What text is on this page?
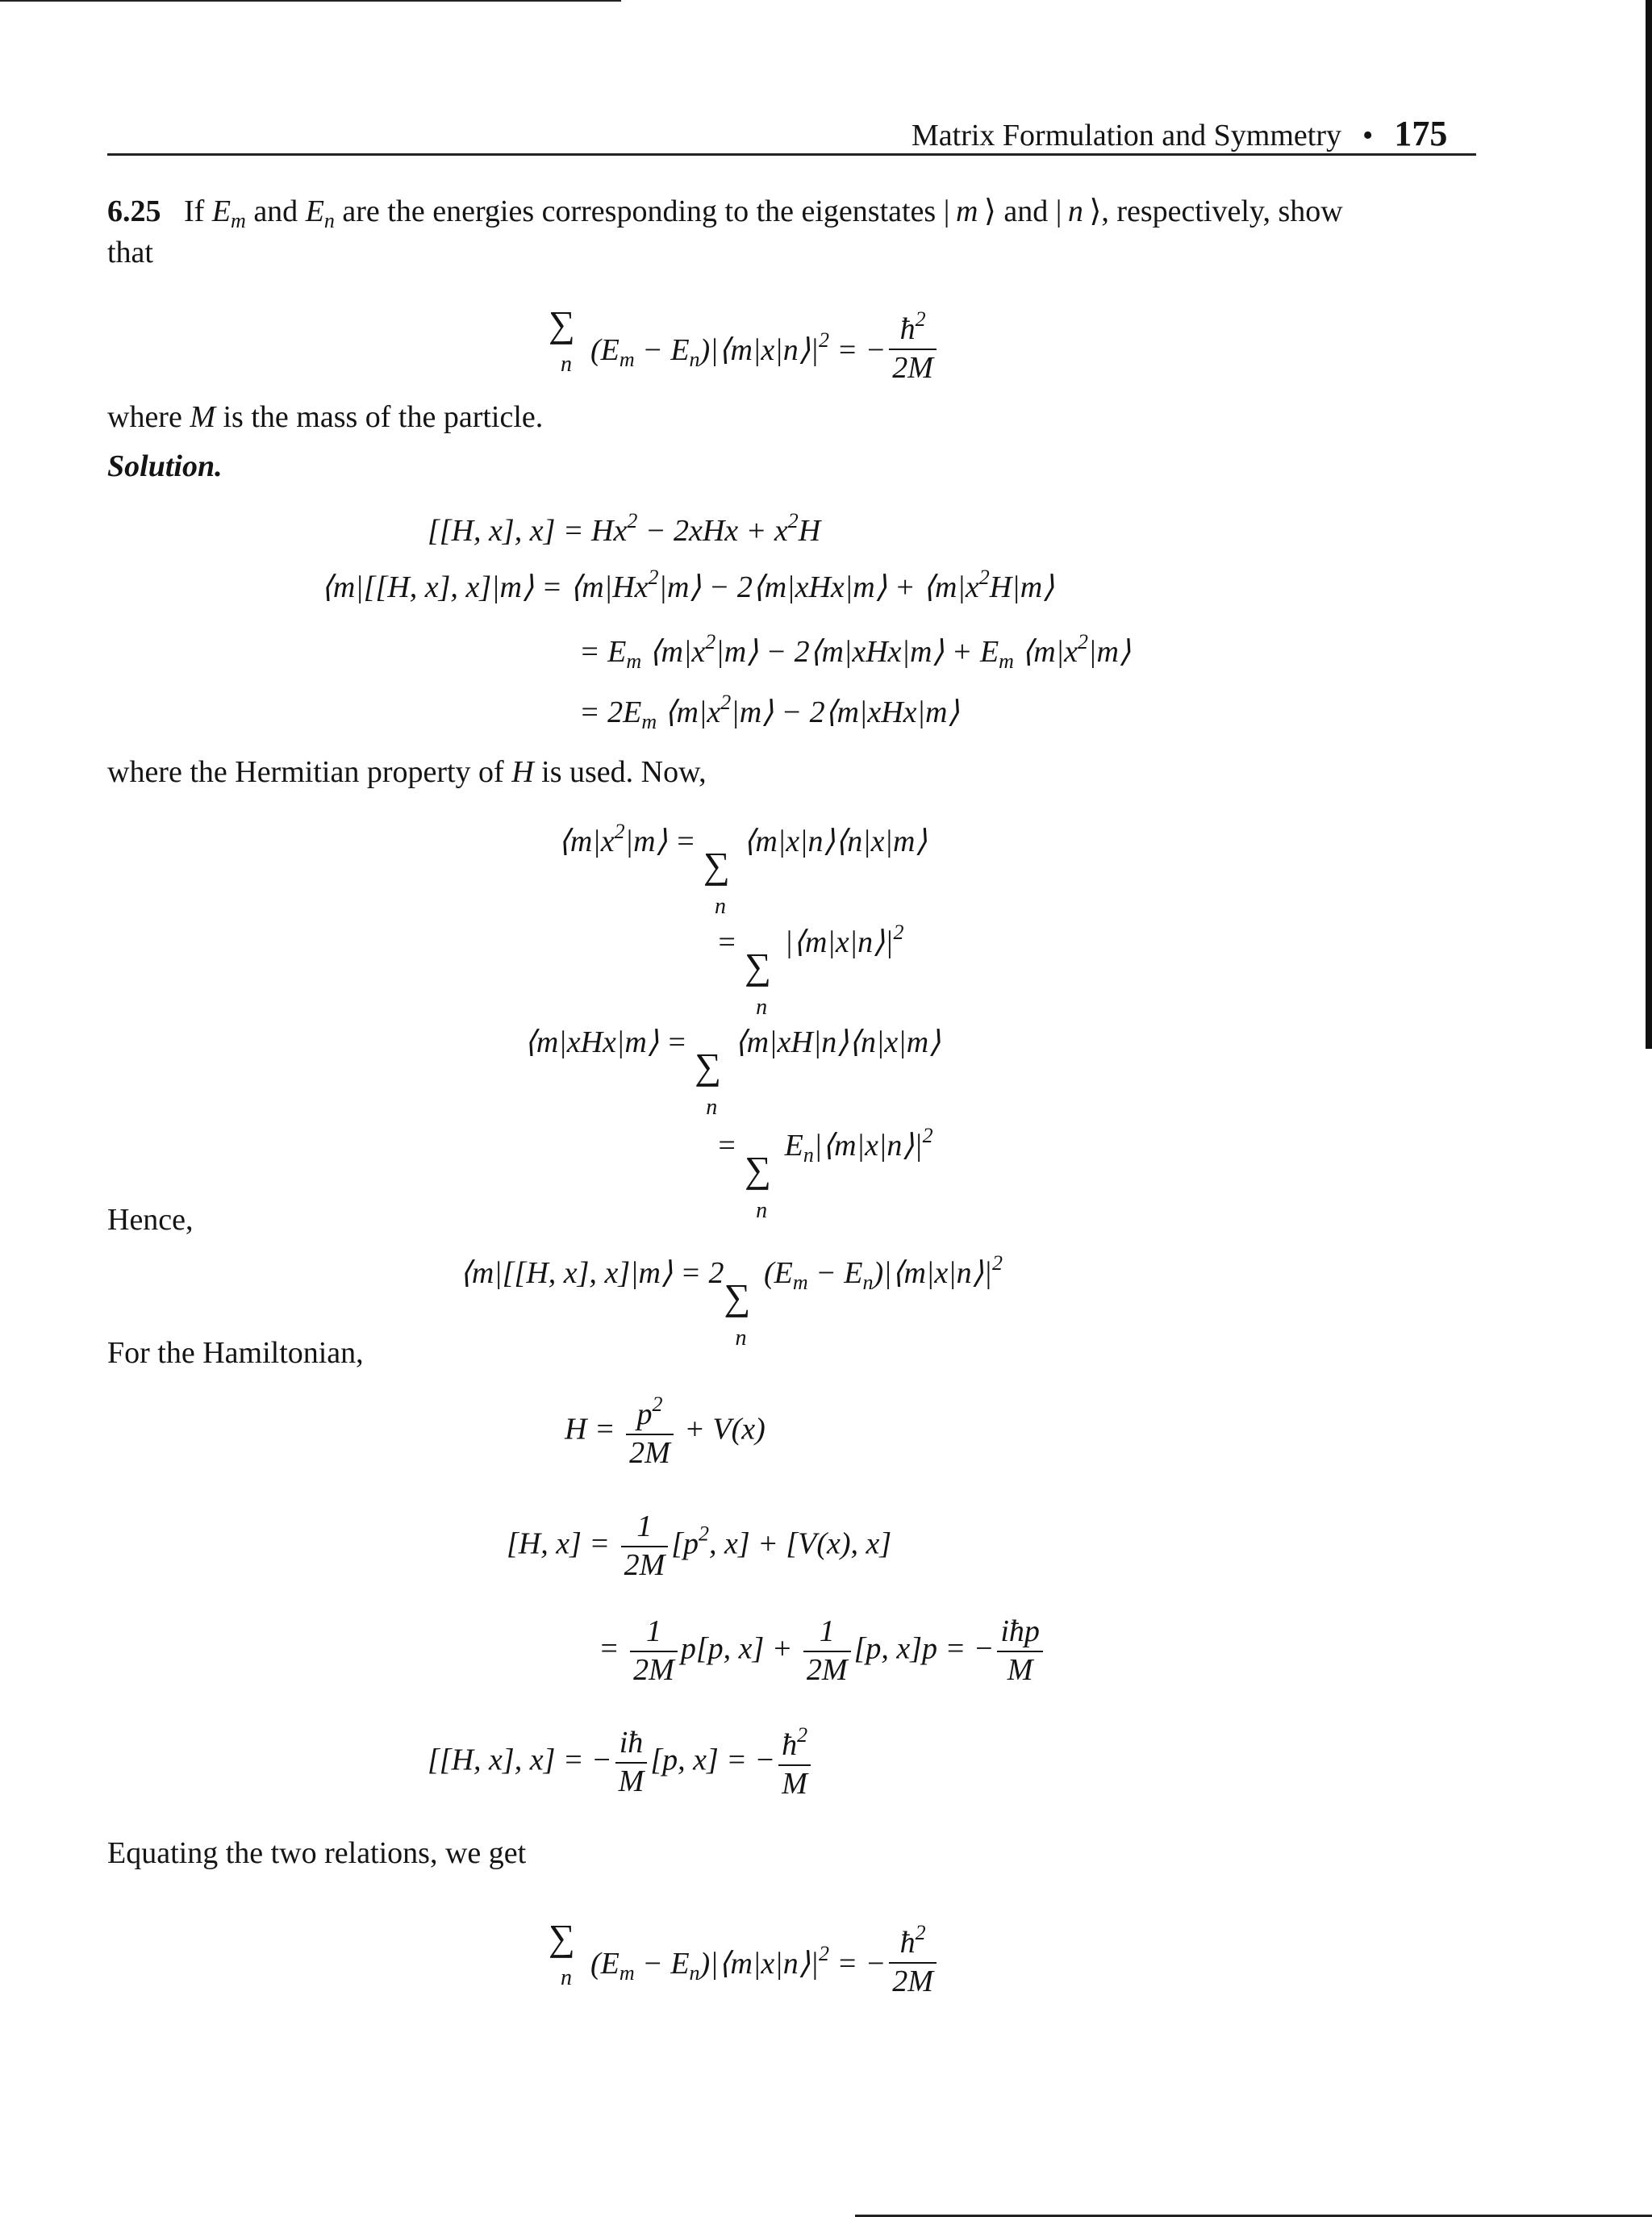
Matrix Formulation and Symmetry • 175
6.25   If $E_m$ and $E_n$ are the energies corresponding to the eigenstates | m ⟩ and | n ⟩, respectively, show
that
∑
n ($E_m$ − $E_n)|⟨m|x|n⟩|^2$ = − $\frac{ħ^2}{2M}$
where M is the mass of the particle.
Solution.
[[H, x], $x] = Hx^2 - 2xHx + x^2H$
⟨m|[[H, x], x]|m⟩ = $⟨m|Hx^2|m⟩$ − 2⟨m|xHx|m⟩ + $⟨m|x^2H|m⟩$
= $E_m$ $⟨m|x^2|m⟩$ − 2⟨m|xHx|m⟩ + $E_m$ $⟨m|x^2|m⟩$
= $2E_m$ $⟨m|x^2|m⟩$ − 2⟨m|xHx|m⟩
where the Hermitian property of H is used. Now,
$⟨m|x^2|m⟩$ =
∑
n
⟨m|x|n⟩⟨n|x|m⟩
=
∑
n
$|⟨m|x|n⟩|^2$
⟨m|xHx|m⟩ =
∑
n
⟨m|xH|n⟩⟨n|x|m⟩
=
∑
n
$E_n|⟨m|x|n⟩|^2$
Hence,
⟨m|[[H, x], x]|m⟩ = 2
∑
n
($E_m$ − $E_n)|⟨m|x|n⟩|^2$
For the Hamiltonian,
$H = \frac{p^2}{2M} + V(x)$
[H, $x] = \frac{1}{2M} [p^2$, x] + [V(x), x]
= $\frac{1}{2M} p[p$, $x] + \frac{1}{2M} [p$, x]p = − $\frac{\text{iħp}}{M}$
[[H, x], x] = − $\frac{iħ}{M} [p$, x] = − $\frac{ħ^2}{M}$
Equating the two relations, we get
∑
n ($E_m$ − $E_n)|⟨m|x|n⟩|^2$ = − $\frac{ħ^2}{2M}$
